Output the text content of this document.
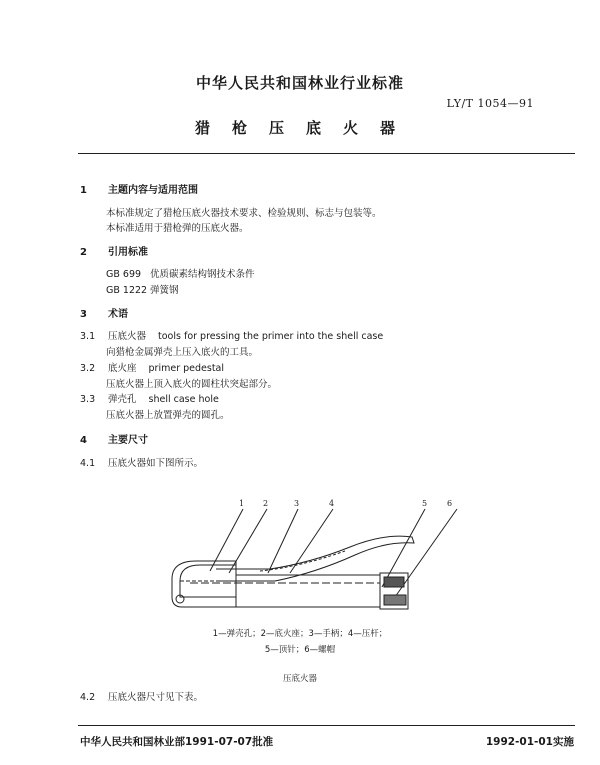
中华人民共和国林业行业标准
LY/T 1054—91
猎枪压底火器
1 主题内容与适用范围
本标准规定了猎枪压底火器技术要求、检验规则、标志与包装等。
本标准适用于猎枪弹的压底火器。
2 引用标准
GB 699 优质碳素结构钢技术条件
GB 1222 弹簧钢
3 术语
3.1 压底火器 tools for pressing the primer into the shell case
向猎枪金属弹壳上压入底火的工具。
3.2 底火座 primer pedestal
压底火器上顶入底火的圆柱状突起部分。
3.3 弹壳孔 shell case hole
压底火器上放置弹壳的圆孔。
4 主要尺寸
4.1 压底火器如下图所示。
1 2	3	4	5 6
1—弹壳孔；2—底火座；3—手柄；4—压杆；
5—顶针；6—螺帽
压底火器
4.2 压底火器尺寸见下表。
中华人民共和国林业部1991-07-07批准	1992-01-01实施
